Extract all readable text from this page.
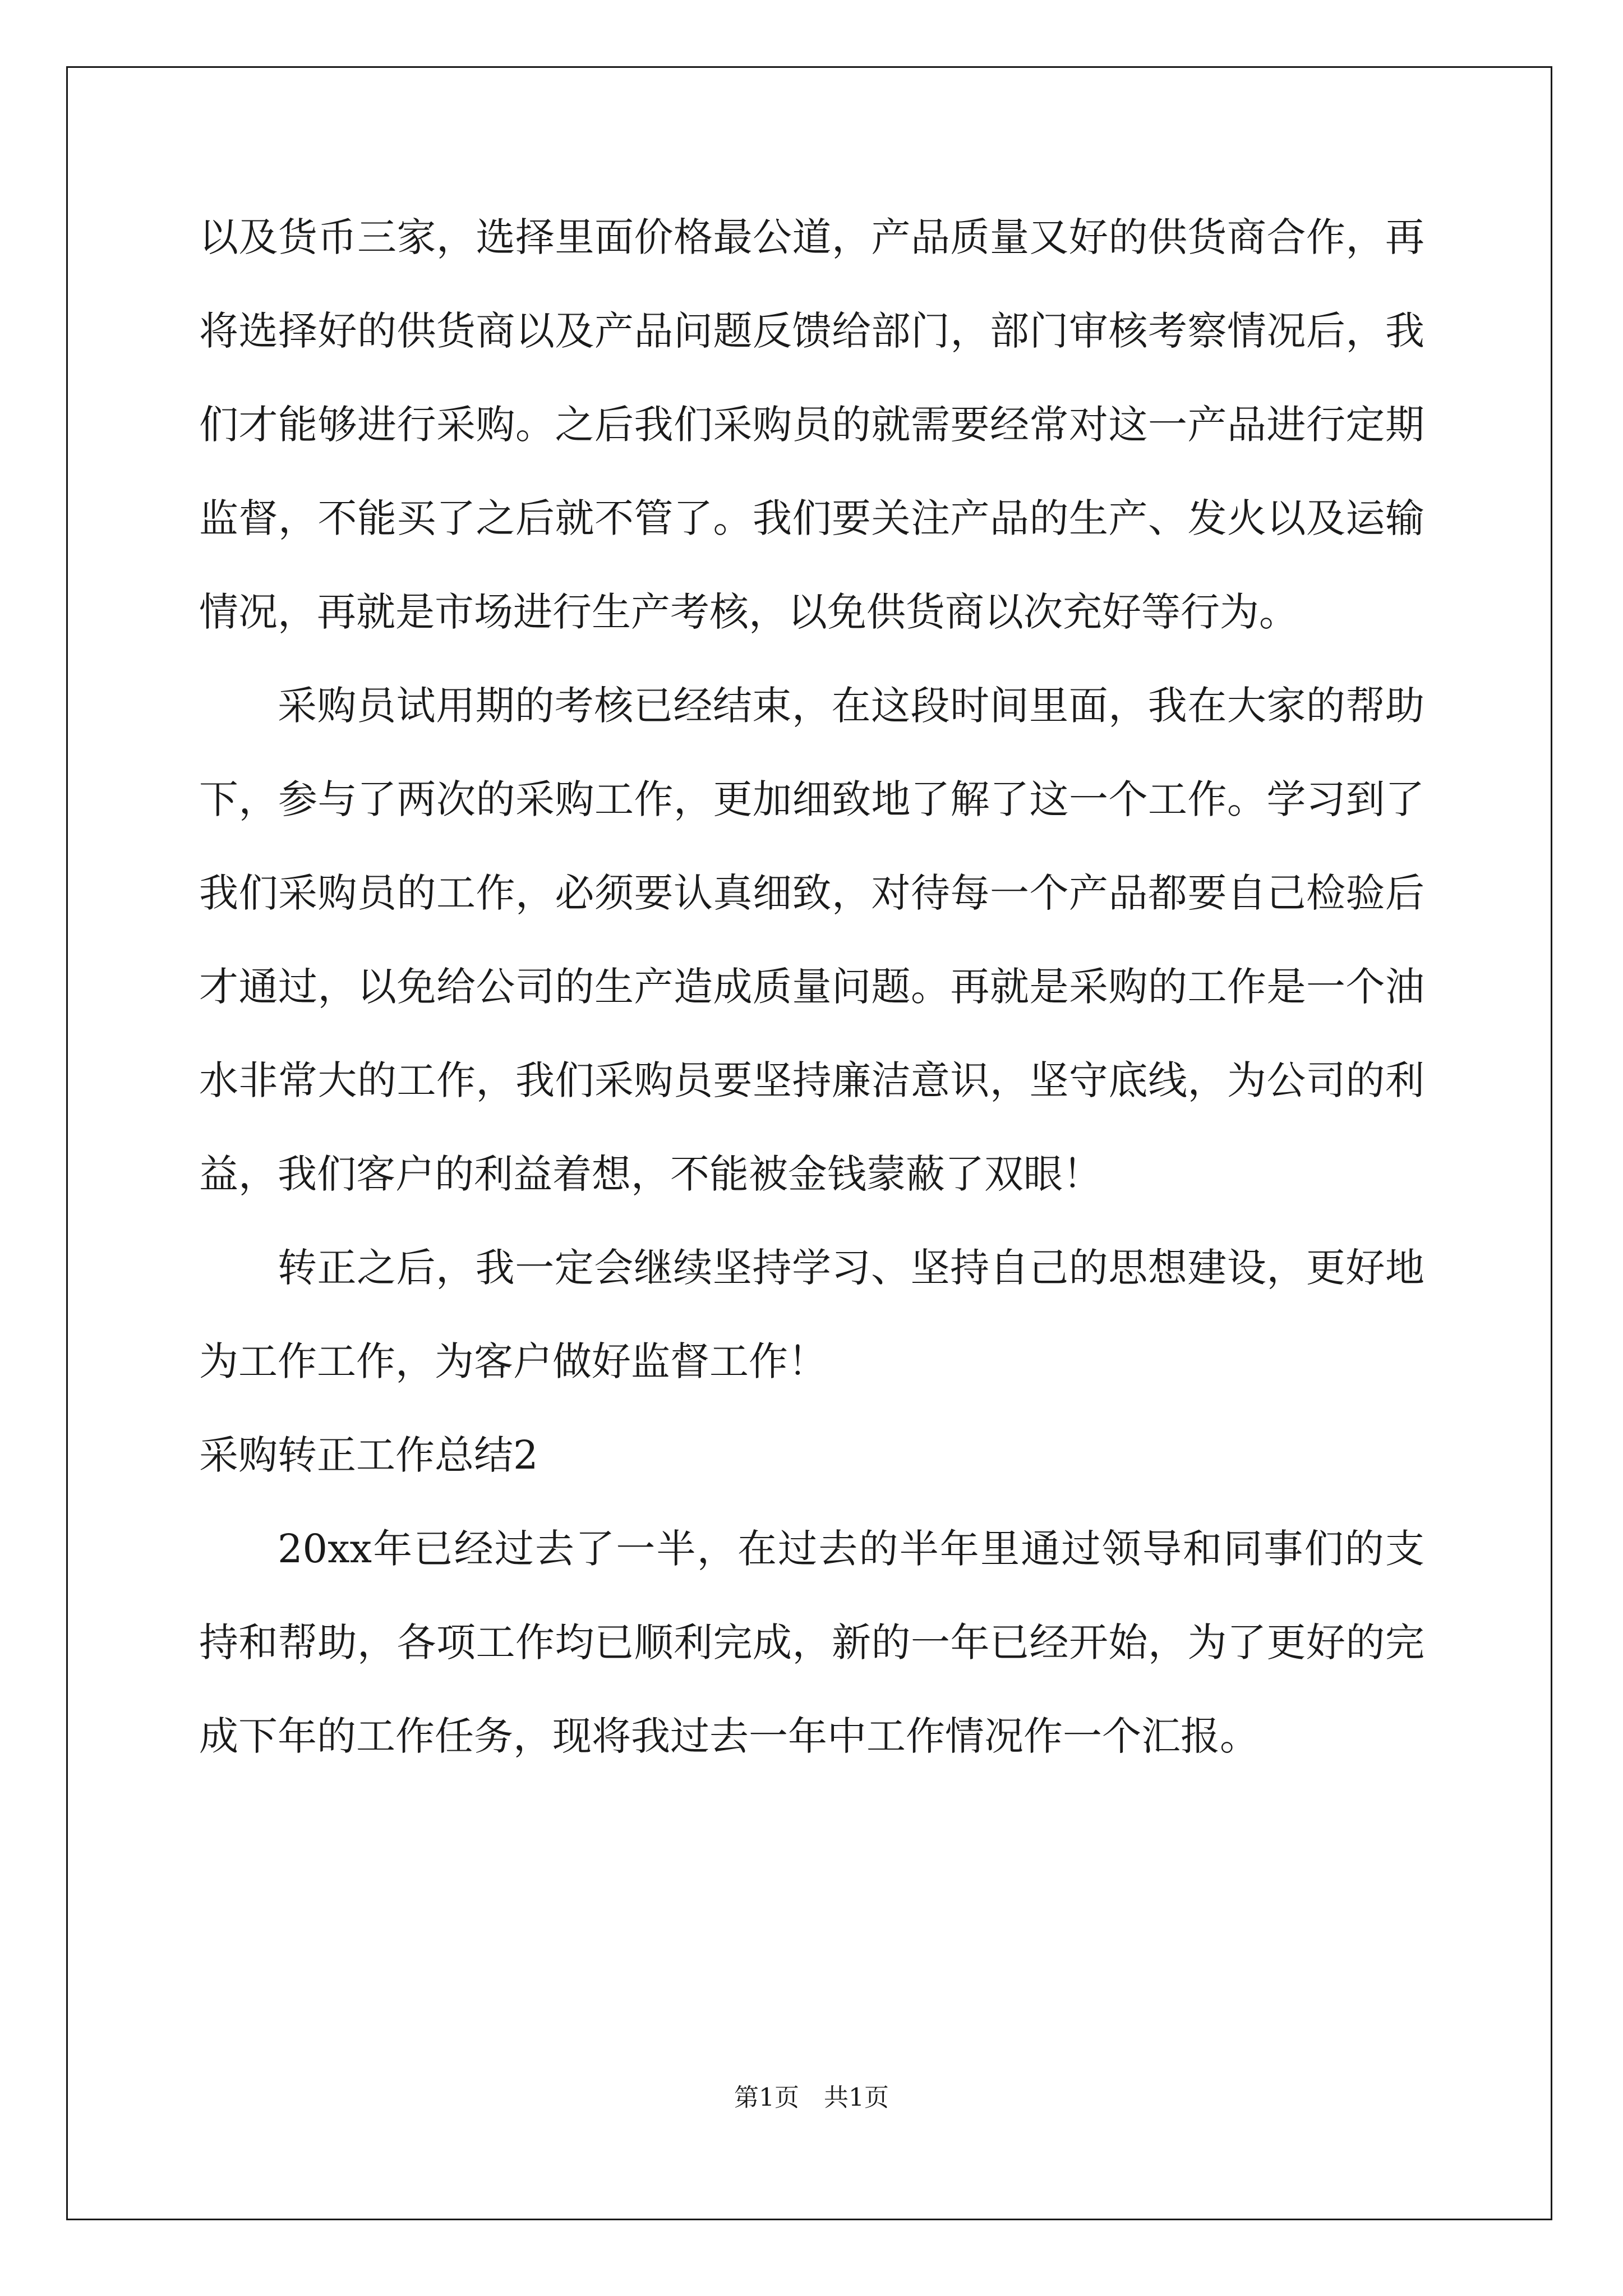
以及货币三家，选择里面价格最公道，产品质量又好的供货商合作，再将选择好的供货商以及产品问题反馈给部门，部门审核考察情况后，我们才能够进行采购。之后我们采购员的就需要经常对这一产品进行定期监督，不能买了之后就不管了。我们要关注产品的生产、发火以及运输情况，再就是市场进行生产考核，以免供货商以次充好等行为。

采购员试用期的考核已经结束，在这段时间里面，我在大家的帮助下，参与了两次的采购工作，更加细致地了解了这一个工作。学习到了我们采购员的工作，必须要认真细致，对待每一个产品都要自己检验后才通过，以免给公司的生产造成质量问题。再就是采购的工作是一个油水非常大的工作，我们采购员要坚持廉洁意识，坚守底线，为公司的利益，我们客户的利益着想，不能被金钱蒙蔽了双眼！

转正之后，我一定会继续坚持学习、坚持自己的思想建设，更好地为工作工作，为客户做好监督工作！

采购转正工作总结2

20xx年已经过去了一半，在过去的半年里通过领导和同事们的支持和帮助，各项工作均已顺利完成，新的一年已经开始，为了更好的完成下年的工作任务，现将我过去一年中工作情况作一个汇报。

第1页　共1页
